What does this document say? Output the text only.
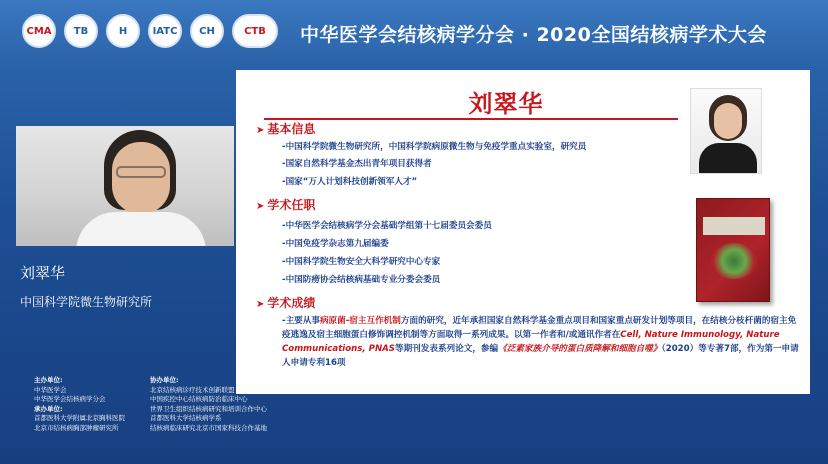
CMA	TB	H	IATC	CH	CTB	中华医学会结核病学分会 · 2020全国结核病学术大会
刘翠华
中国科学院微生物研究所
刘翠华
➤ 基本信息
-中国科学院微生物研究所，中国科学院病原微生物与免疫学重点实验室，研究员
-国家自然科学基金杰出青年项目获得者
-国家“万人计划科技创新领军人才”
➤ 学术任职
-中华医学会结核病学分会基础学组第十七届委员会委员
-中国免疫学杂志第九届编委
-中国科学院生物安全大科学研究中心专家
-中国防痨协会结核病基础专业分委会委员
➤ 学术成绩
-主要从事病原菌-宿主互作机制方面的研究，近年承担国家自然科学基金重点项目和国家重点研发计划等项目，在结核分枝杆菌的宿主免疫逃逸及宿主细胞蛋白修饰调控机制等方面取得一系列成果。以第一作者和/或通讯作者在Cell, Nature Immunology, Nature Communications, PNAS等期刊发表系列论文，参编《泛素家族介导的蛋白质降解和细胞自噬》（2020）等专著7部，作为第一申请人申请专利16项
主办单位:
中华医学会
中华医学会结核病学分会
承办单位:
首都医科大学附属北京胸科医院
北京市结核病胸部肿瘤研究所
协办单位:
北京结核病诊疗技术创新联盟
中国疾控中心结核病防治临床中心
世界卫生组织结核病研究和培训合作中心
首都医科大学结核病学系
结核病临床研究北京市国家科技合作基地
